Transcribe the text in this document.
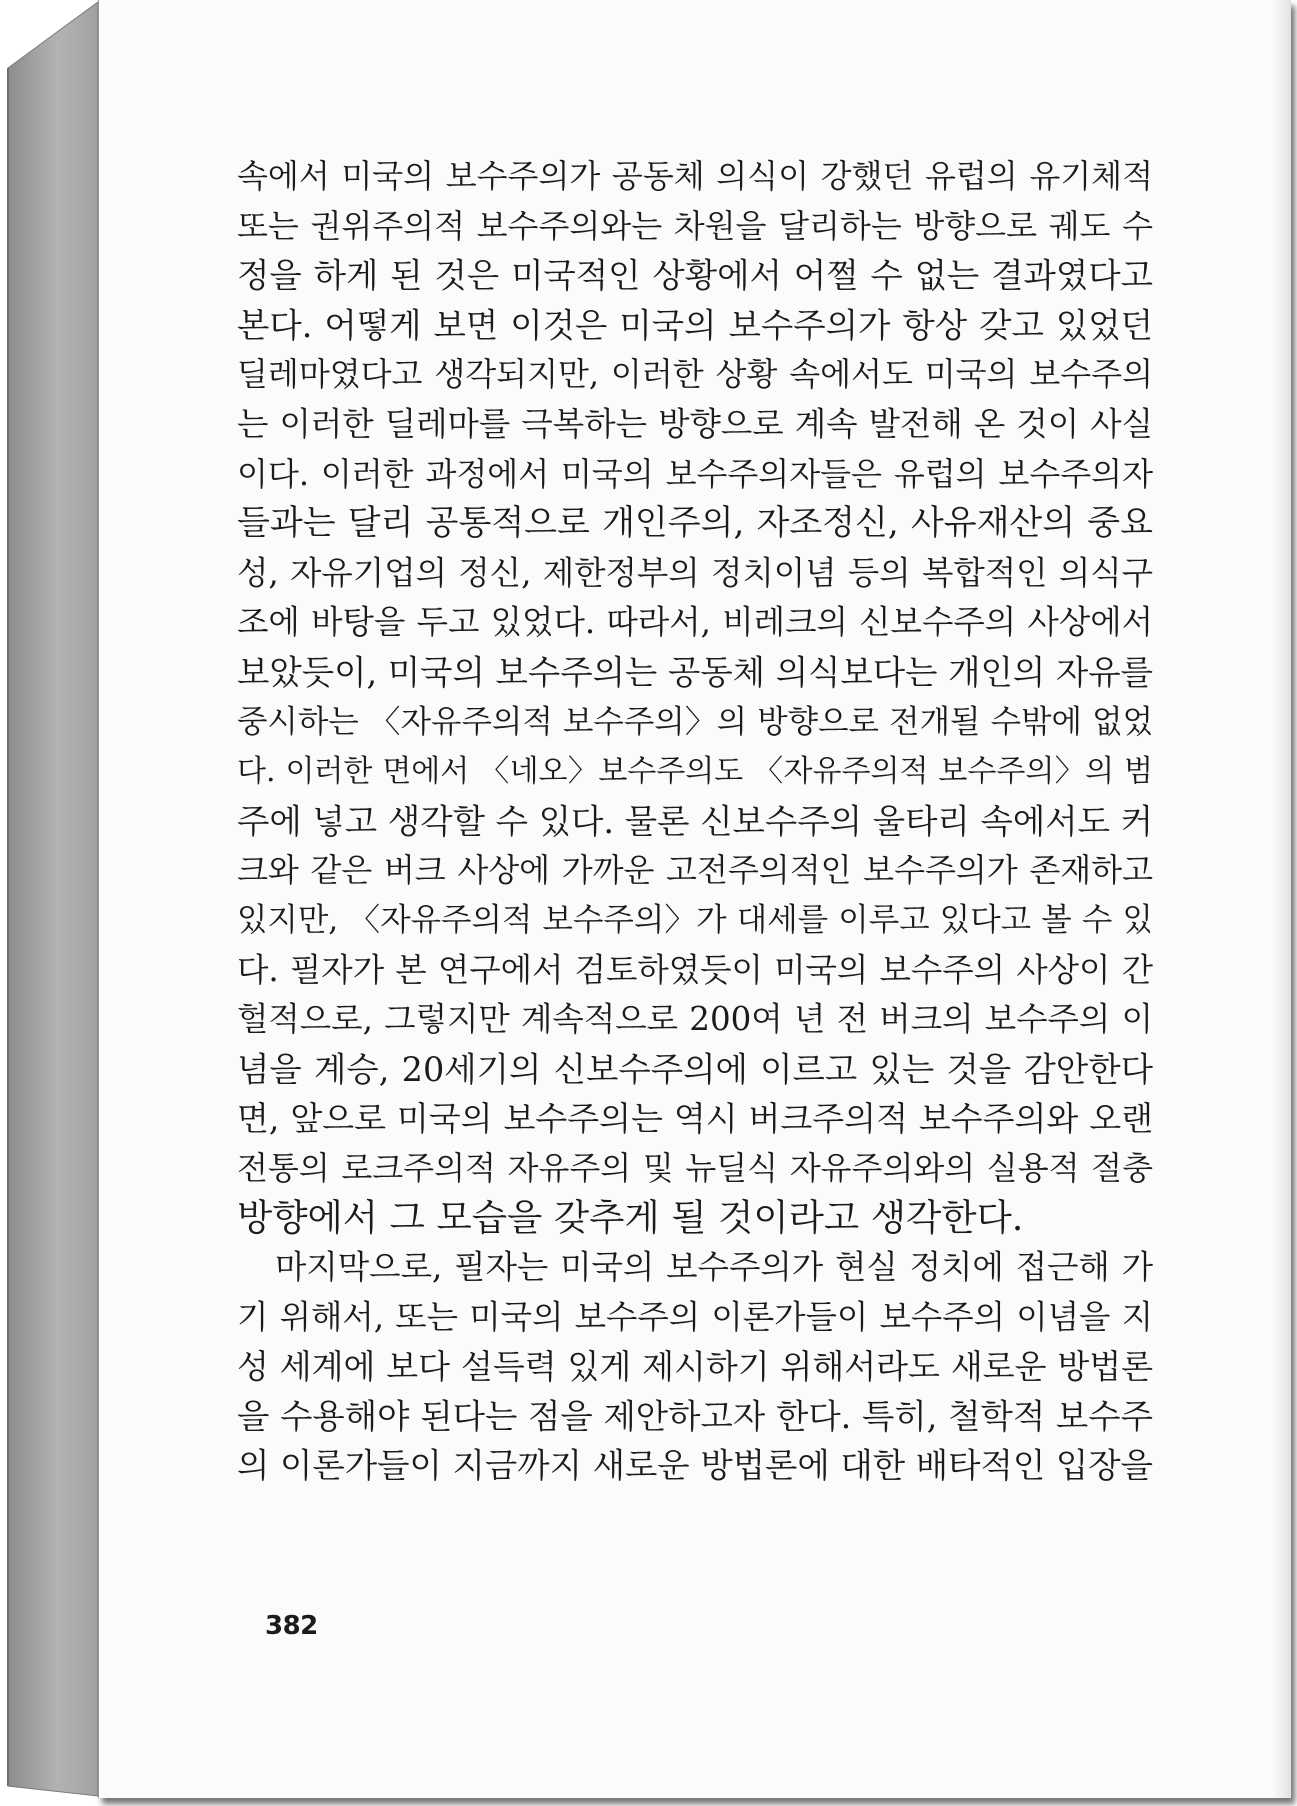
속에서 미국의 보수주의가 공동체 의식이 강했던 유럽의 유기체적
또는 권위주의적 보수주의와는 차원을 달리하는 방향으로 궤도 수
정을 하게 된 것은 미국적인 상황에서 어쩔 수 없는 결과였다고
본다. 어떻게 보면 이것은 미국의 보수주의가 항상 갖고 있었던
딜레마였다고 생각되지만, 이러한 상황 속에서도 미국의 보수주의
는 이러한 딜레마를 극복하는 방향으로 계속 발전해 온 것이 사실
이다. 이러한 과정에서 미국의 보수주의자들은 유럽의 보수주의자
들과는 달리 공통적으로 개인주의, 자조정신, 사유재산의 중요
성, 자유기업의 정신, 제한정부의 정치이념 등의 복합적인 의식구
조에 바탕을 두고 있었다. 따라서, 비레크의 신보수주의 사상에서
보았듯이, 미국의 보수주의는 공동체 의식보다는 개인의 자유를
중시하는 〈자유주의적 보수주의〉의 방향으로 전개될 수밖에 없었
다. 이러한 면에서 〈네오〉보수주의도 〈자유주의적 보수주의〉의 범
주에 넣고 생각할 수 있다. 물론 신보수주의 울타리 속에서도 커
크와 같은 버크 사상에 가까운 고전주의적인 보수주의가 존재하고
있지만, 〈자유주의적 보수주의〉가 대세를 이루고 있다고 볼 수 있
다. 필자가 본 연구에서 검토하였듯이 미국의 보수주의 사상이 간
헐적으로, 그렇지만 계속적으로 200여 년 전 버크의 보수주의 이
념을 계승, 20세기의 신보수주의에 이르고 있는 것을 감안한다
면, 앞으로 미국의 보수주의는 역시 버크주의적 보수주의와 오랜
전통의 로크주의적 자유주의 및 뉴딜식 자유주의와의 실용적 절충
방향에서 그 모습을 갖추게 될 것이라고 생각한다.
마지막으로, 필자는 미국의 보수주의가 현실 정치에 접근해 가
기 위해서, 또는 미국의 보수주의 이론가들이 보수주의 이념을 지
성 세계에 보다 설득력 있게 제시하기 위해서라도 새로운 방법론
을 수용해야 된다는 점을 제안하고자 한다. 특히, 철학적 보수주
의 이론가들이 지금까지 새로운 방법론에 대한 배타적인 입장을
382
